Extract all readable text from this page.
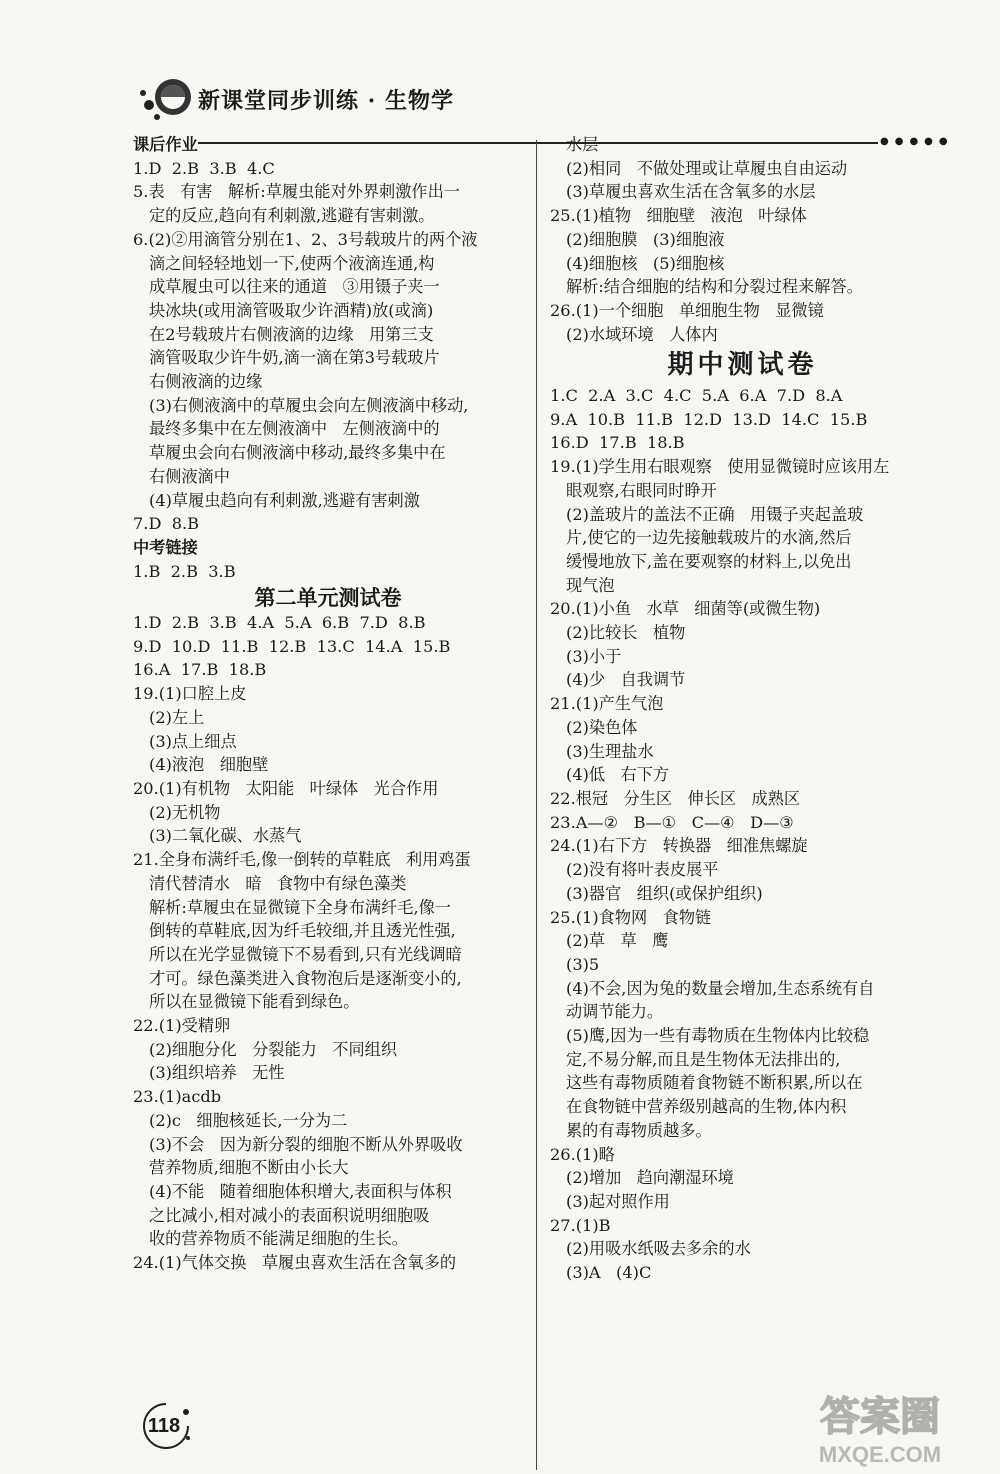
新课堂同步训练 · 生物学
●●●●●
课后作业
1.D  2.B  3.B  4.C
5.表   有害   解析:草履虫能对外界刺激作出一
定的反应,趋向有利刺激,逃避有害刺激。
6.(2)②用滴管分别在1、2、3号载玻片的两个液
滴之间轻轻地划一下,使两个液滴连通,构
成草履虫可以往来的通道   ③用镊子夹一
块冰块(或用滴管吸取少许酒精)放(或滴)
在2号载玻片右侧液滴的边缘   用第三支
滴管吸取少许牛奶,滴一滴在第3号载玻片
右侧液滴的边缘
(3)右侧液滴中的草履虫会向左侧液滴中移动,
最终多集中在左侧液滴中   左侧液滴中的
草履虫会向右侧液滴中移动,最终多集中在
右侧液滴中
(4)草履虫趋向有利刺激,逃避有害刺激
7.D  8.B
中考链接
1.B  2.B  3.B
第二单元测试卷
1.D  2.B  3.B  4.A  5.A  6.B  7.D  8.B
9.D  10.D  11.B  12.B  13.C  14.A  15.B
16.A  17.B  18.B
19.(1)口腔上皮
(2)左上
(3)点上细点
(4)液泡   细胞壁
20.(1)有机物   太阳能   叶绿体   光合作用
(2)无机物
(3)二氧化碳、水蒸气
21.全身布满纤毛,像一倒转的草鞋底   利用鸡蛋
清代替清水   暗   食物中有绿色藻类
解析:草履虫在显微镜下全身布满纤毛,像一
倒转的草鞋底,因为纤毛较细,并且透光性强,
所以在光学显微镜下不易看到,只有光线调暗
才可。绿色藻类进入食物泡后是逐渐变小的,
所以在显微镜下能看到绿色。
22.(1)受精卵
(2)细胞分化   分裂能力   不同组织
(3)组织培养   无性
23.(1)acdb
(2)c   细胞核延长,一分为二
(3)不会   因为新分裂的细胞不断从外界吸收
营养物质,细胞不断由小长大
(4)不能   随着细胞体积增大,表面积与体积
之比减小,相对减小的表面积说明细胞吸
收的营养物质不能满足细胞的生长。
24.(1)气体交换   草履虫喜欢生活在含氧多的
水层
(2)相同   不做处理或让草履虫自由运动
(3)草履虫喜欢生活在含氧多的水层
25.(1)植物   细胞壁   液泡   叶绿体
(2)细胞膜   (3)细胞液
(4)细胞核   (5)细胞核
解析:结合细胞的结构和分裂过程来解答。
26.(1)一个细胞   单细胞生物   显微镜
(2)水域环境   人体内
期中测试卷
1.C  2.A  3.C  4.C  5.A  6.A  7.D  8.A
9.A  10.B  11.B  12.D  13.D  14.C  15.B
16.D  17.B  18.B
19.(1)学生用右眼观察   使用显微镜时应该用左
眼观察,右眼同时睁开
(2)盖玻片的盖法不正确   用镊子夹起盖玻
片,使它的一边先接触载玻片的水滴,然后
缓慢地放下,盖在要观察的材料上,以免出
现气泡
20.(1)小鱼   水草   细菌等(或微生物)
(2)比较长   植物
(3)小于
(4)少   自我调节
21.(1)产生气泡
(2)染色体
(3)生理盐水
(4)低   右下方
22.根冠   分生区   伸长区   成熟区
23.A—②   B—①   C—④   D—③
24.(1)右下方   转换器   细准焦螺旋
(2)没有将叶表皮展平
(3)器官   组织(或保护组织)
25.(1)食物网   食物链
(2)草   草   鹰
(3)5
(4)不会,因为兔的数量会增加,生态系统有自
动调节能力。
(5)鹰,因为一些有毒物质在生物体内比较稳
定,不易分解,而且是生物体无法排出的,
这些有毒物质随着食物链不断积累,所以在
在食物链中营养级别越高的生物,体内积
累的有毒物质越多。
26.(1)略
(2)增加   趋向潮湿环境
(3)起对照作用
27.(1)B
(2)用吸水纸吸去多余的水
(3)A   (4)C
118	答案圈
MXQE.COM
